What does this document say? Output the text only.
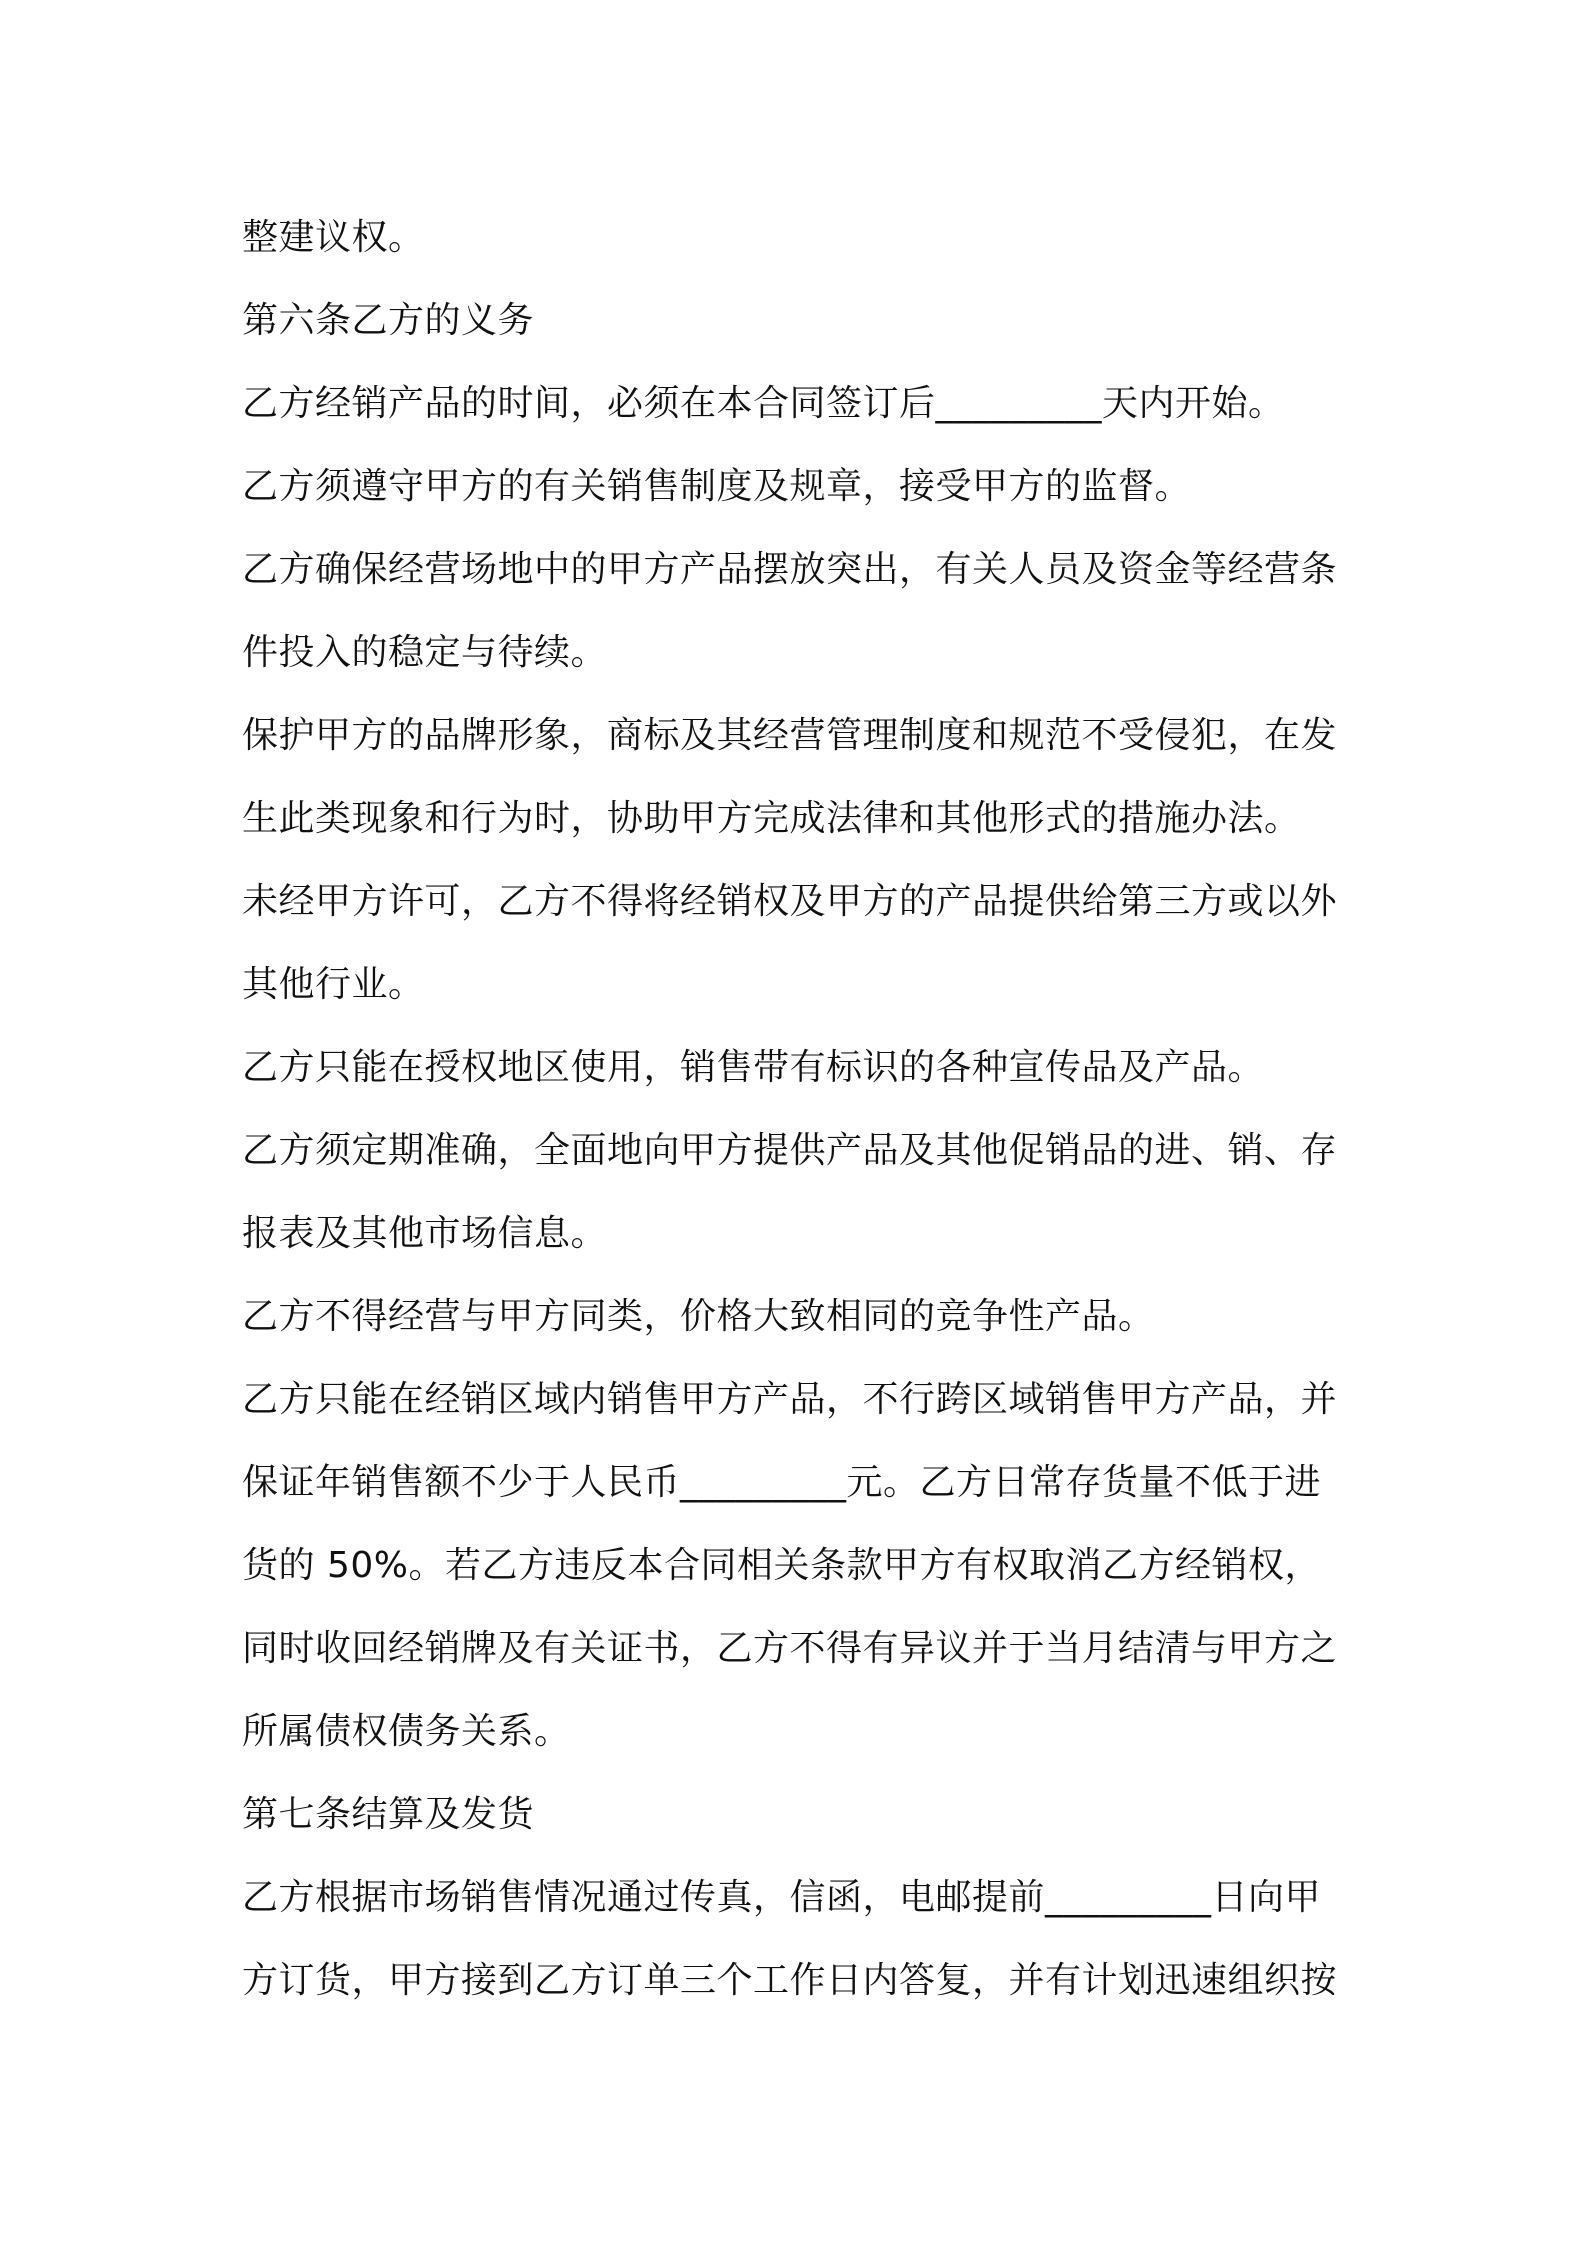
整建议权。
第六条乙方的义务
乙方经销产品的时间，必须在本合同签订后_________天内开始。
乙方须遵守甲方的有关销售制度及规章，接受甲方的监督。
乙方确保经营场地中的甲方产品摆放突出，有关人员及资金等经营条
件投入的稳定与待续。
保护甲方的品牌形象，商标及其经营管理制度和规范不受侵犯，在发
生此类现象和行为时，协助甲方完成法律和其他形式的措施办法。
未经甲方许可，乙方不得将经销权及甲方的产品提供给第三方或以外
其他行业。
乙方只能在授权地区使用，销售带有标识的各种宣传品及产品。
乙方须定期准确，全面地向甲方提供产品及其他促销品的进、销、存
报表及其他市场信息。
乙方不得经营与甲方同类，价格大致相同的竞争性产品。
乙方只能在经销区域内销售甲方产品，不行跨区域销售甲方产品，并
保证年销售额不少于人民币_________元。乙方日常存货量不低于进
货的 50%。若乙方违反本合同相关条款甲方有权取消乙方经销权，
同时收回经销牌及有关证书，乙方不得有异议并于当月结清与甲方之
所属债权债务关系。
第七条结算及发货
乙方根据市场销售情况通过传真，信函，电邮提前_________日向甲
方订货，甲方接到乙方订单三个工作日内答复，并有计划迅速组织按
